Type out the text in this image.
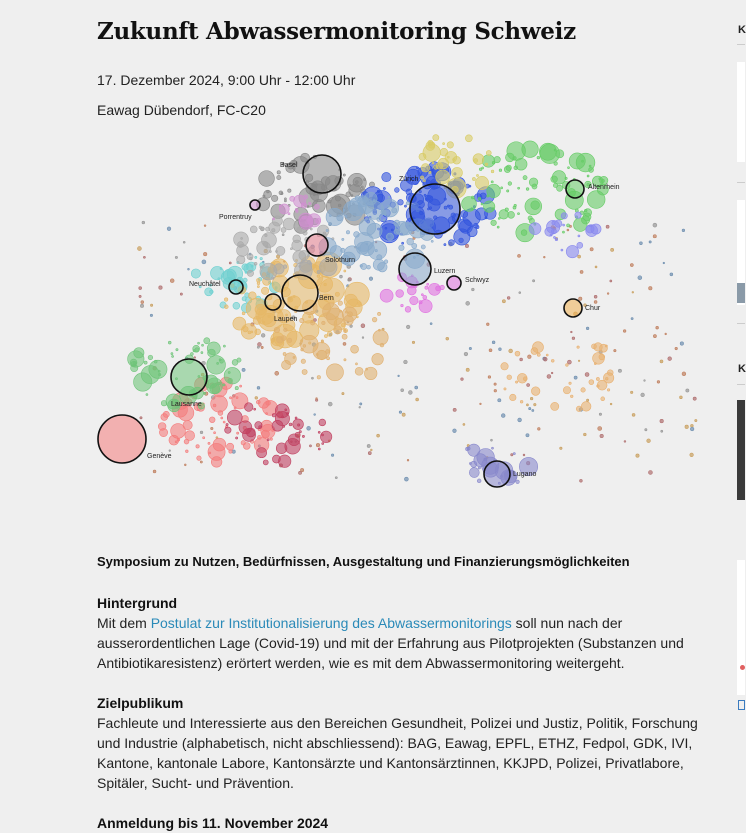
Zukunft Abwassermonitoring Schweiz
17. Dezember 2024, 9:00 Uhr - 12:00 Uhr
Eawag Dübendorf, FC-C20
Basel
Porrentruy
Zürich
Altenrhein
Solothurn
Neuchâtel
Bern
Laupen
Luzern
Schwyz
Chur
Lausanne
Genève
Lugano
Symposium zu Nutzen, Bedürfnissen, Ausgestaltung und Finanzierungsmöglichkeiten
Hintergrund

Mit dem Postulat zur Institutionalisierung des Abwassermonitorings soll nun nach der ausserordentlichen Lage (Covid-19) und mit der Erfahrung aus Pilotprojekten (Substanzen und Antibiotikaresistenz) erörtert werden, wie es mit dem Abwassermonitoring weitergeht.

Zielpublikum

Fachleute und Interessierte aus den Bereichen Gesundheit, Polizei und Justiz, Politik, Forschung und Industrie (alphabetisch, nicht abschliessend): BAG, Eawag, EPFL, ETHZ, Fedpol, GDK, IVI, Kantone, kantonale Labore, Kantonsärzte und Kantonsärztinnen, KKJPD, Polizei, Privatlabore, Spitäler, Sucht- und Prävention.

Anmeldung bis 11. November 2024
K
K
